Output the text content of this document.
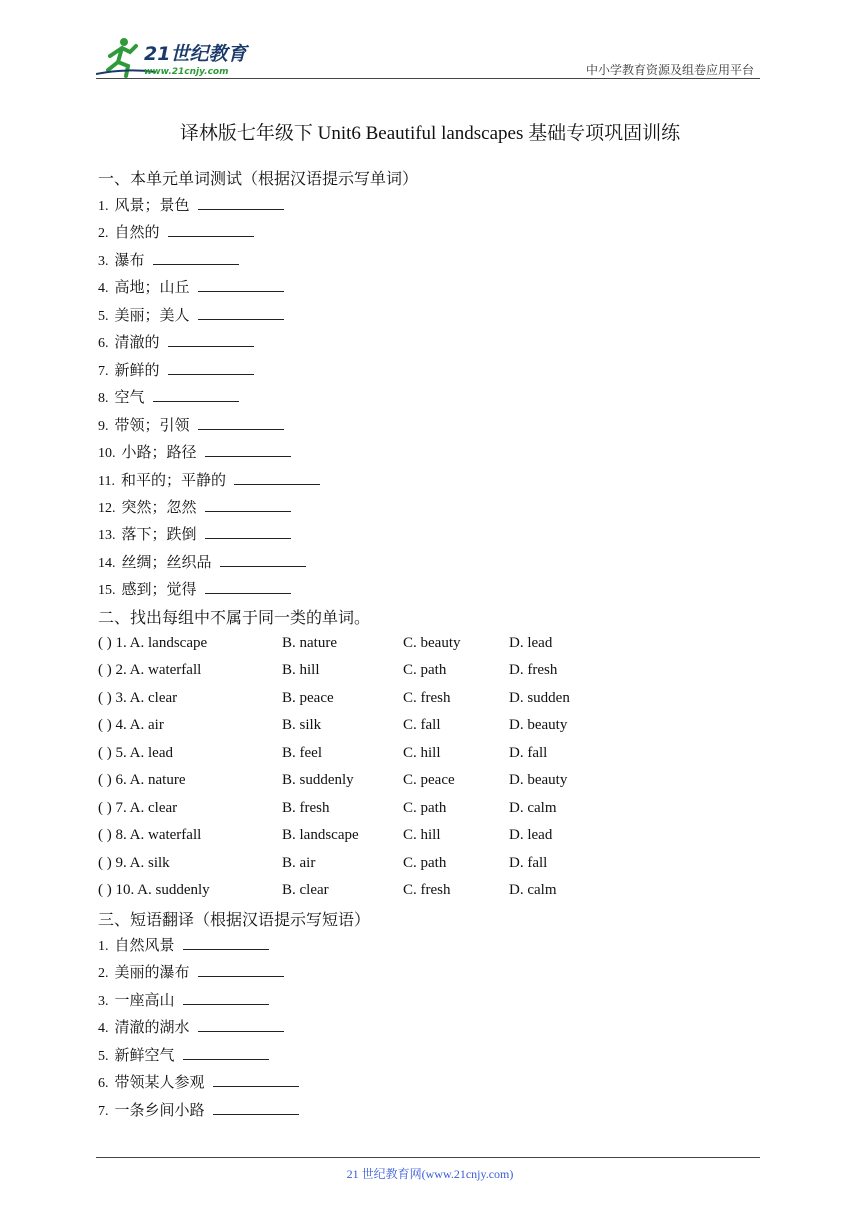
21世纪教育
www.21cnjy.com	中小学教育资源及组卷应用平台
译林版七年级下 Unit6 Beautiful landscapes 基础专项巩固训练
一、本单元单词测试（根据汉语提示写单词）
1. 风景；景色
2. 自然的
3. 瀑布
4. 高地；山丘
5. 美丽；美人
6. 清澈的
7. 新鲜的
8. 空气
9. 带领；引领
10. 小路；路径
11. 和平的；平静的
12. 突然；忽然
13. 落下；跌倒
14. 丝绸；丝织品
15. 感到；觉得
二、找出每组中不属于同一类的单词。
( ) 1. A. landscape	B. nature	C. beauty	D. lead
( ) 2. A. waterfall	B. hill	C. path	D. fresh
( ) 3. A. clear	B. peace	C. fresh	D. sudden
( ) 4. A. air	B. silk	C. fall	D. beauty
( ) 5. A. lead	B. feel	C. hill	D. fall
( ) 6. A. nature	B. suddenly	C. peace	D. beauty
( ) 7. A. clear	B. fresh	C. path	D. calm
( ) 8. A. waterfall	B. landscape	C. hill	D. lead
( ) 9. A. silk	B. air	C. path	D. fall
( ) 10. A. suddenly	B. clear	C. fresh	D. calm
三、短语翻译（根据汉语提示写短语）
1. 自然风景
2. 美丽的瀑布
3. 一座高山
4. 清澈的湖水
5. 新鲜空气
6. 带领某人参观
7. 一条乡间小路
21 世纪教育网(www.21cnjy.com)
